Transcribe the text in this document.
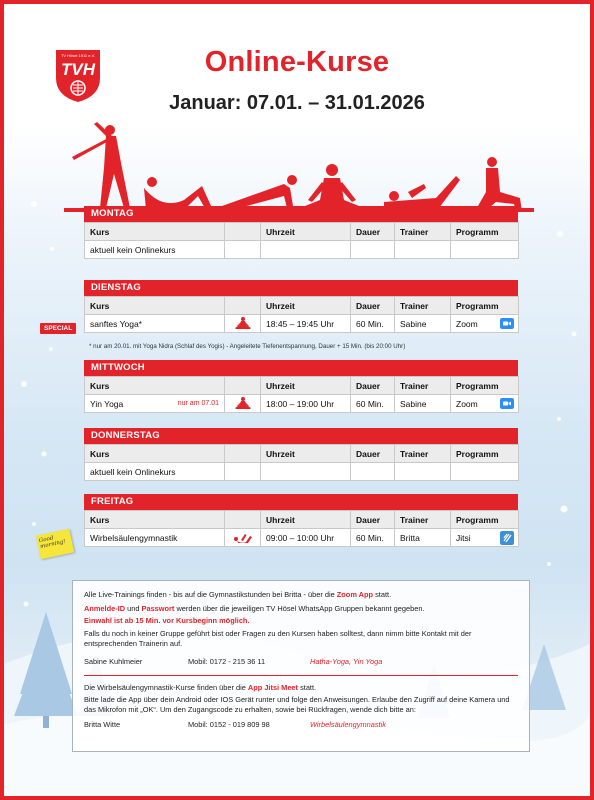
TV Hösel 1911 e.V.
TVH	Online-Kurse
Januar: 07.01. – 31.01.2026
MONTAG
Kurs		Uhrzeit	Dauer	Trainer	Programm
aktuell kein Onlinekurs					
DIENSTAG
Kurs		Uhrzeit	Dauer	Trainer	Programm
sanftes Yoga*		18:45 – 19:45 Uhr	60 Min.	Sabine	Zoom
SPECIAL
* nur am 20.01. mit Yoga Nidra (Schlaf des Yogis) - Angeleitete Tiefenentspannung, Dauer + 15 Min. (bis 20:00 Uhr)
MITTWOCH
Kurs		Uhrzeit	Dauer	Trainer	Programm
Yin Yoga nur am 07.01		18:00 – 19:00 Uhr	60 Min.	Sabine	Zoom
DONNERSTAG
Kurs		Uhrzeit	Dauer	Trainer	Programm
aktuell kein Onlinekurs					
FREITAG
Kurs		Uhrzeit	Dauer	Trainer	Programm
Wirbelsäulengymnastik		09:00 – 10:00 Uhr	60 Min.	Britta	Jitsi
Good morning!

Alle Live-Trainings finden - bis auf die Gymnastikstunden bei Britta - über die Zoom App statt.

Anmelde-ID und Passwort werden über die jeweiligen TV Hösel WhatsApp Gruppen bekannt gegeben.

Einwahl ist ab 15 Min. vor Kursbeginn möglich.

Falls du noch in keiner Gruppe geführt bist oder Fragen zu den Kursen haben solltest, dann nimm bitte Kontakt mit der entsprechenden Trainerin auf.

Sabine Kuhlmeier	Mobil: 0172 - 215 36 11	Hatha-Yoga, Yin Yoga

Die Wirbelsäulengymnastik-Kurse finden über die App Jitsi Meet statt.

Bitte lade die App über dein Android oder IOS Gerät runter und folge den Anweisungen. Erlaube den Zugriff auf deine Kamera und das Mikrofon mit „OK“. Um den Zugangscode zu erhalten, sowie bei Rückfragen, wende dich bitte an:

Britta Witte	Mobil: 0152 - 019 809 98	Wirbelsäulengymnastik
